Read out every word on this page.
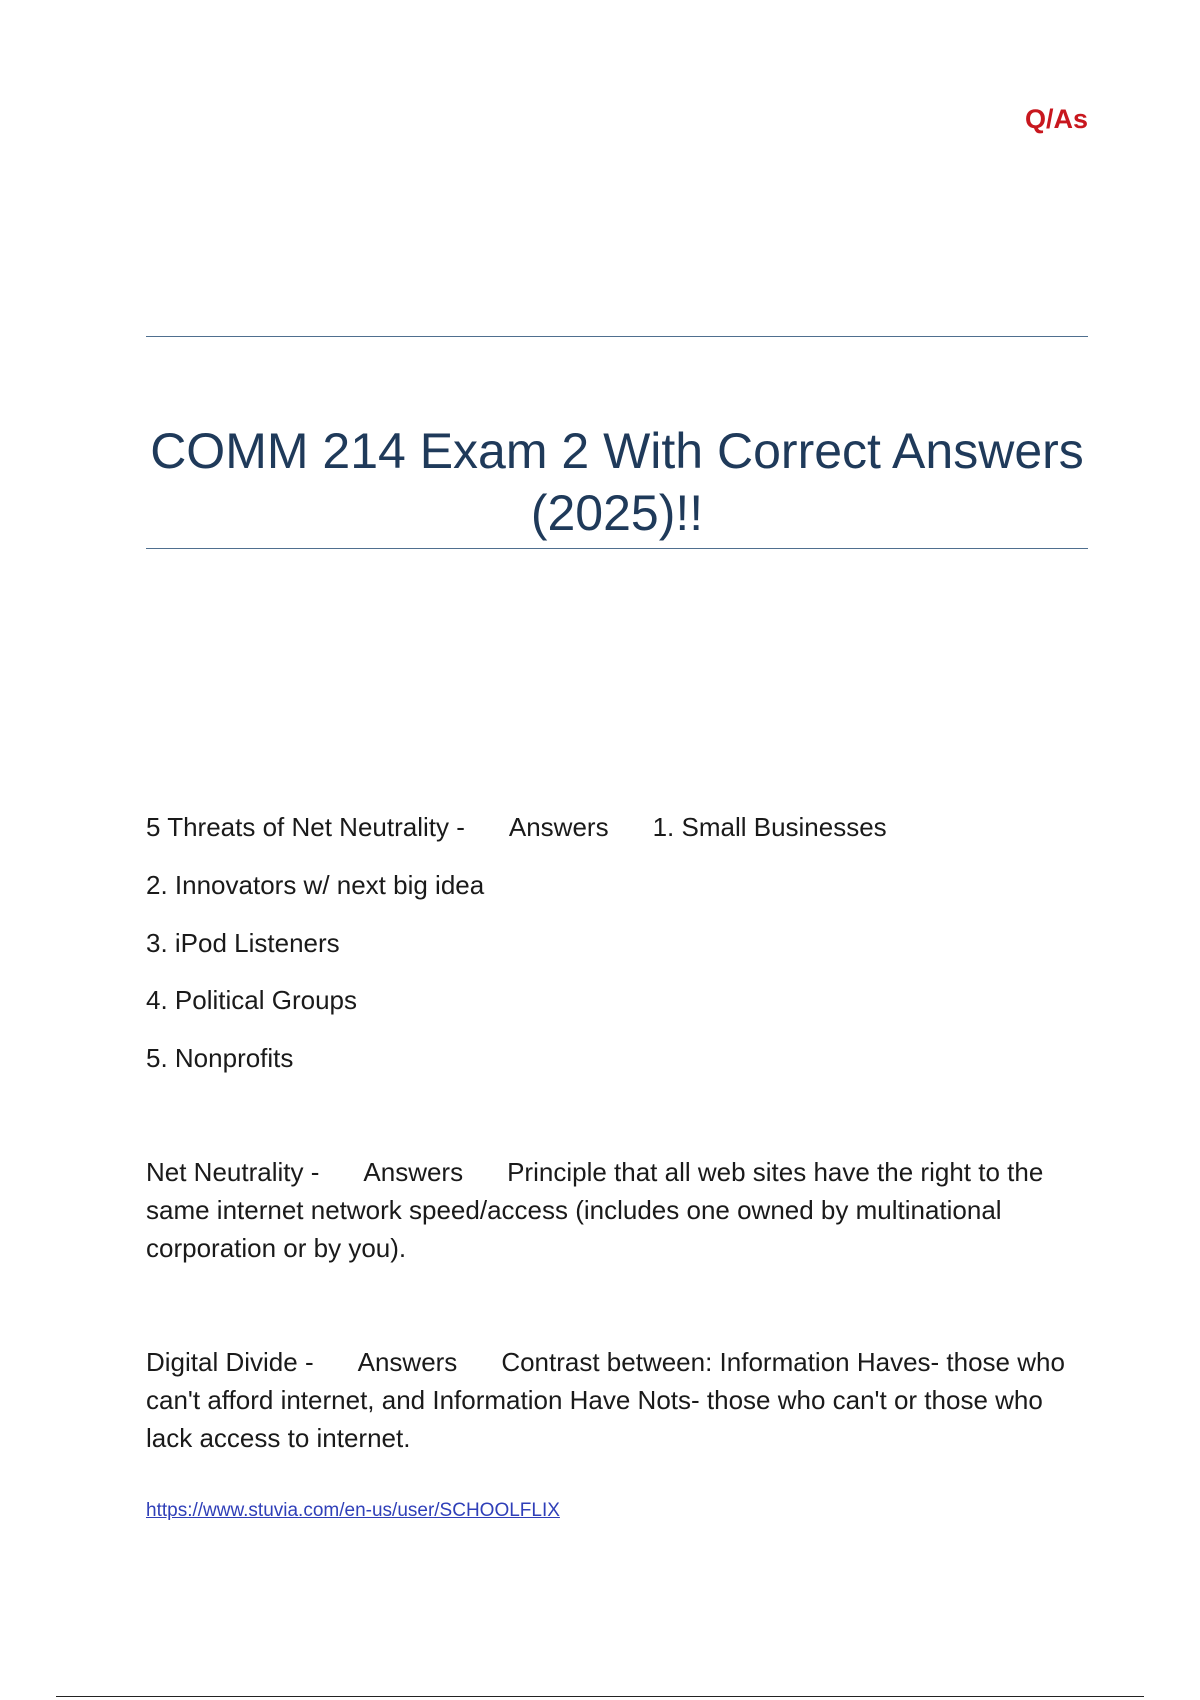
Q/As
COMM 214 Exam 2 With Correct Answers (2025)!!
5 Threats of Net Neutrality - Answers 1. Small Businesses
2. Innovators w/ next big idea
3. iPod Listeners
4. Political Groups
5. Nonprofits
Net Neutrality - Answers Principle that all web sites have the right to the same internet network speed/access (includes one owned by multinational corporation or by you).
Digital Divide - Answers Contrast between: Information Haves- those who can't afford internet, and Information Have Nots- those who can't or those who lack access to internet.
https://www.stuvia.com/en-us/user/SCHOOLFLIX
